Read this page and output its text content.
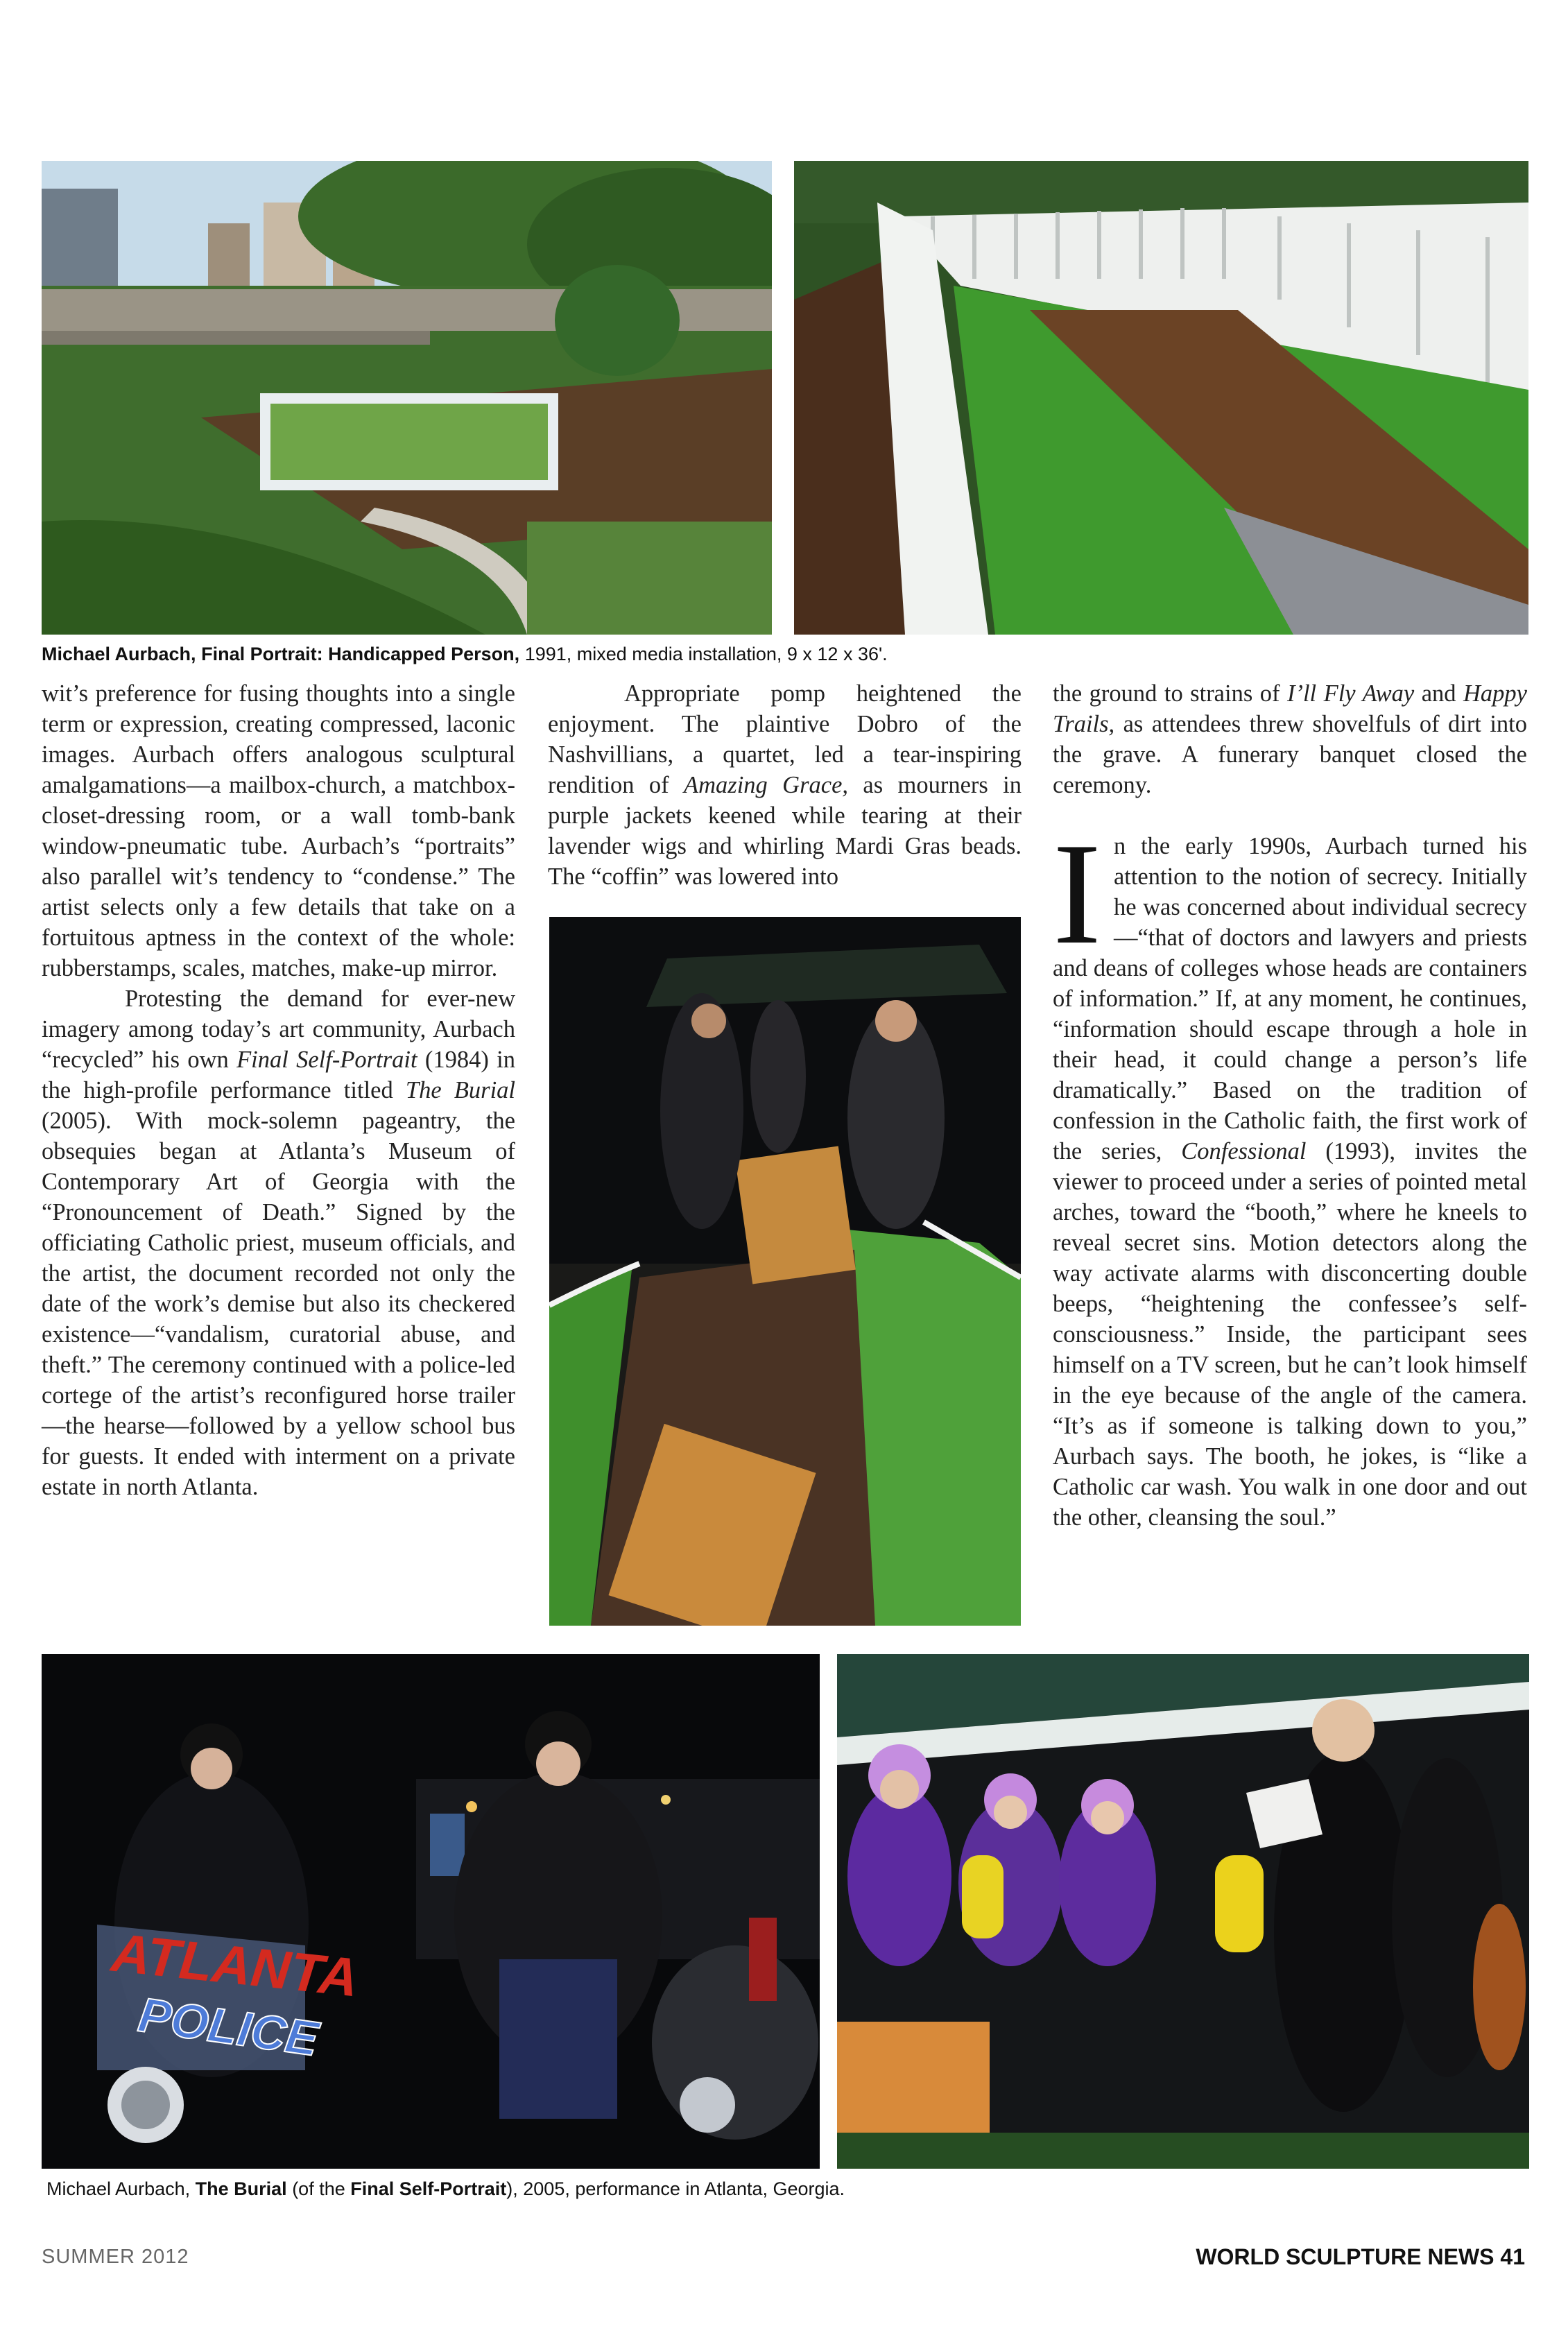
Michael Aurbach, Final Portrait: Handicapped Person, 1991, mixed media installation, 9 x 12 x 36'.

wit’s preference for fusing thoughts into a single term or expression, creating compressed, laconic images. Aurbach offers analogous sculptural amalgamations—a mailbox-church, a matchbox-closet-dressing room, or a wall tomb-bank window-pneumatic tube. Aurbach’s “portraits” also parallel wit’s tendency to “condense.” The artist selects only a few details that take on a fortuitous aptness in the context of the whole: rubberstamps, scales, matches, make-up mirror.

Protesting the demand for ever-new imagery among today’s art community, Aurbach “recycled” his own Final Self-Portrait (1984) in the high-profile performance titled The Burial (2005). With mock-solemn pageantry, the obsequies began at Atlanta’s Museum of Contemporary Art of Georgia with the “Pronouncement of Death.” Signed by the officiating Catholic priest, museum officials, and the artist, the document recorded not only the date of the work’s demise but also its checkered existence—“vandalism, curatorial abuse, and theft.” The ceremony continued with a police-led cortege of the artist’s reconfigured horse trailer—the hearse—followed by a yellow school bus for guests. It ended with interment on a private estate in north Atlanta.

Appropriate pomp heightened the enjoyment. The plaintive Dobro of the Nashvillians, a quartet, led a tear-inspiring rendition of Amazing Grace, as mourners in purple jackets keened while tearing at their lavender wigs and whirling Mardi Gras beads. The “coffin” was lowered into

the ground to strains of I’ll Fly Away and Happy Trails, as attendees threw shovelfuls of dirt into the grave. A funerary banquet closed the ceremony.

In the early 1990s, Aurbach turned his attention to the notion of secrecy. Initially he was concerned about individual secrecy —“that of doctors and lawyers and priests and deans of colleges whose heads are containers of information.” If, at any moment, he continues, “information should escape through a hole in their head, it could change a person’s life dramatically.” Based on the tradition of confession in the Catholic faith, the first work of the series, Confessional (1993), invites the viewer to proceed under a series of pointed metal arches, toward the “booth,” where he kneels to reveal secret sins. Motion detectors along the way activate alarms with disconcerting double beeps, “heightening the confessee’s self-consciousness.” Inside, the participant sees himself on a TV screen, but he can’t look himself in the eye because of the angle of the camera. “It’s as if someone is talking down to you,” Aurbach says. The booth, he jokes, is “like a Catholic car wash. You walk in one door and out the other, cleansing the soul.”

ATLANTA
POLICE
Michael Aurbach, The Burial (of the Final Self-Portrait), 2005, performance in Atlanta, Georgia.
SUMMER 2012	WORLD SCULPTURE NEWS 41
